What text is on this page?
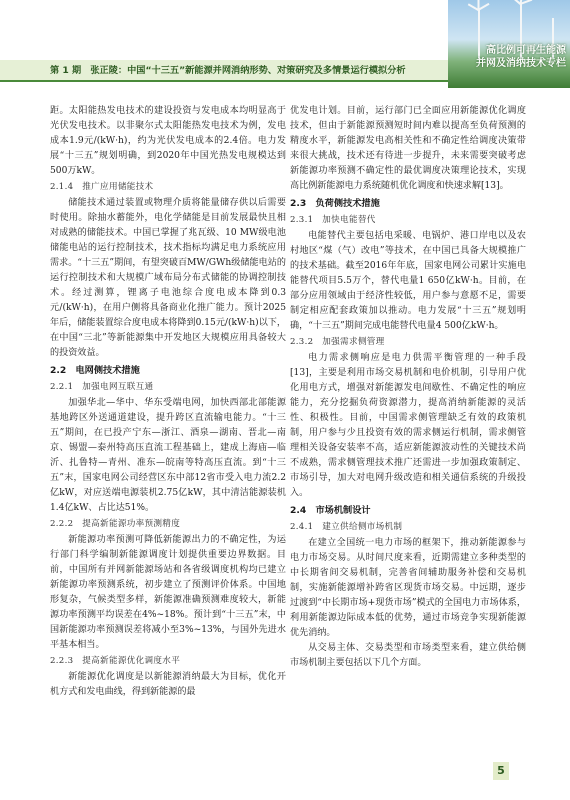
第 1 期　张正陵：中国“十三五”新能源并网消纳形势、对策研究及多情景运行模拟分析
高比例可再生能源
并网及消纳技术专栏

距。太阳能热发电技术的建设投资与发电成本均明显高于光伏发电技术。以非聚尔式太阳能热发电技术为例，发电成本1.9元/(kW·h)，约为光伏发电成本的2.4倍。电力发展“十三五”规划明确，到2020年中国光热发电规模达到500万kW。

2.1.4　推广应用储能技术

储能技术通过装置或物理介质将能量储存供以后需要时使用。除抽水蓄能外，电化学储能是目前发展最快且相对成熟的储能技术。中国已掌握了兆瓦级、10 MW级电池储能电站的运行控制技术，技术指标均满足电力系统应用需求。“十三五”期间，有望突破百MW/GWh级储能电站的运行控制技术和大规模广域布局分布式储能的协调控制技术。经过测算，锂离子电池综合度电成本降到0.3元/(kW·h)，在用户侧将具备商业化推广能力。预计2025年后，储能装置综合度电成本将降到0.15元/(kW·h)以下，在中国“三北”等新能源集中开发地区大规模应用具备较大的投资效益。

2.2　电网侧技术措施
2.2.1　加强电网互联互通

加强华北—华中、华东受端电网，加快西部北部能源基地跨区外送通道建设，提升跨区直流输电能力。“十三五”期间，在已投产宁东—浙江、酒泉—湖南、晋北—南京、锡盟—泰州特高压直流工程基础上，建成上海庙—临沂、扎鲁特—青州、准东—皖南等特高压直流。到“十三五”末，国家电网公司经营区东中部12省市受入电力流2.2亿kW，对应送端电源装机2.75亿kW，其中清洁能源装机1.4亿kW、占比达51%。

2.2.2　提高新能源功率预测精度

新能源功率预测可降低新能源出力的不确定性，为运行部门科学编制新能源调度计划提供重要边界数据。目前，中国所有并网新能源场站和各省级调度机构均已建立新能源功率预测系统，初步建立了预测评价体系。中国地形复杂，气候类型多样，新能源准确预测难度较大，新能源功率预测平均误差在4%~18%。预计到“十三五”末，中国新能源功率预测误差将减小至3%~13%，与国外先进水平基本相当。

2.2.3　提高新能源优化调度水平

新能源优化调度是以新能源消纳最大为目标，优化开机方式和发电曲线，得到新能源的最

优发电计划。目前，运行部门已全面应用新能源优化调度技术，但由于新能源预测短时间内难以提高至负荷预测的精度水平，新能源发电高相关性和不确定性给调度决策带来很大挑战，技术还有待进一步提升，未来需要突破考虑新能源功率预测不确定性的最优调度决策理论技术，实现高比例新能源电力系统随机优化调度和快速求解[13]。

2.3　负荷侧技术措施
2.3.1　加快电能替代

电能替代主要包括电采暖、电锅炉、港口岸电以及农村地区“煤（气）改电”等技术，在中国已具备大规模推广的技术基础。截至2016年年底，国家电网公司累计实施电能替代项目5.5万个，替代电量1 650亿kW·h。目前，在部分应用领域由于经济性较低，用户参与意愿不足，需要制定相应配套政策加以推动。电力发展“十三五”规划明确，“十三五”期间完成电能替代电量4 500亿kW·h。

2.3.2　加强需求侧管理

电力需求侧响应是电力供需平衡管理的一种手段[13]，主要是利用市场交易机制和电价机制，引导用户优化用电方式，增强对新能源发电间歇性、不确定性的响应能力，充分挖掘负荷资源潜力，提高消纳新能源的灵活性、积极性。目前，中国需求侧管理缺乏有效的政策机制，用户参与少且投资有效的需求侧运行机制，需求侧管理相关设备安装率不高，适应新能源波动性的关键技术尚不成熟，需求侧管理技术推广还需进一步加强政策制定、市场引导，加大对电网升级改造和相关通信系统的升级投入。

2.4　市场机制设计
2.4.1　建立供给侧市场机制

在建立全国统一电力市场的框架下，推动新能源参与电力市场交易。从时间尺度来看，近期需建立多种类型的中长期省间交易机制，完善省间辅助服务补偿和交易机制，实施新能源增补跨省区现货市场交易。中远期，逐步过渡到“中长期市场+现货市场”模式的全国电力市场体系，利用新能源边际成本低的优势，通过市场竞争实现新能源优先消纳。

从交易主体、交易类型和市场类型来看，建立供给侧市场机制主要包括以下几个方面。

5
